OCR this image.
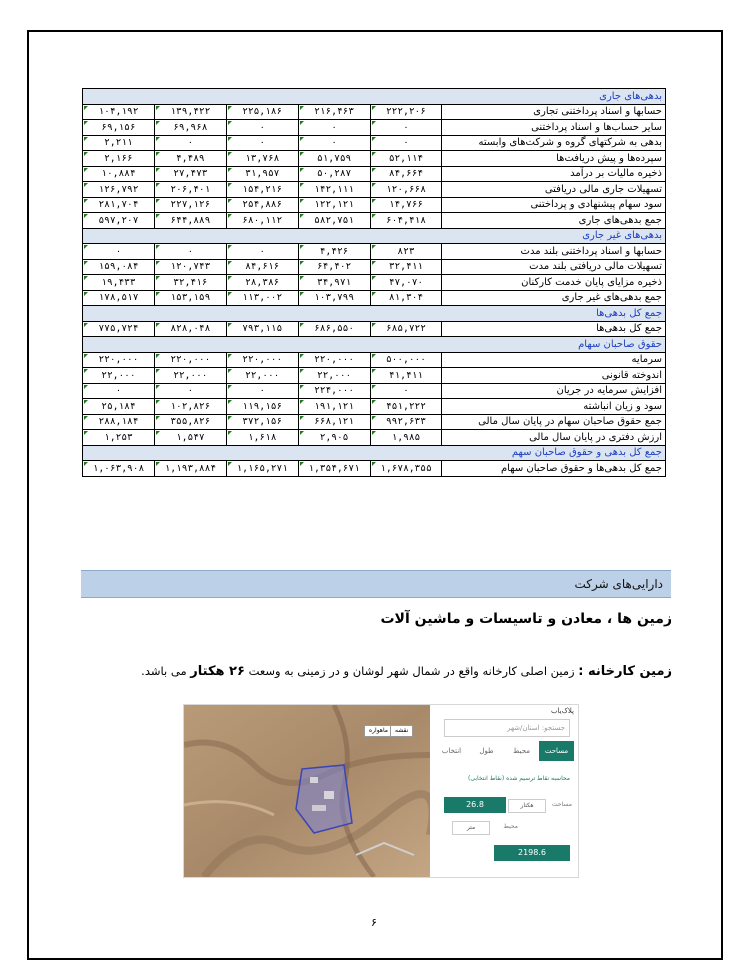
بدهی‌های جاری					
حسابها و اسناد پرداختنی تجاری	۲۲۲,۲۰۶	۲۱۶,۴۶۳	۲۲۵,۱۸۶	۱۳۹,۴۲۲	۱۰۴,۱۹۲
سایر حساب‌ها و اسناد پرداختنی	۰	۰	۰	۶۹,۹۶۸	۶۹,۱۵۶
بدهی به شرکتهای گروه و شرکت‌های وابسته	۰	۰	۰	۰	۲,۲۱۱
سپرده‌ها و پیش دریافت‌ها	۵۲,۱۱۴	۵۱,۷۵۹	۱۳,۷۶۸	۴,۴۸۹	۲,۱۶۶
ذخیره مالیات بر درآمد	۸۴,۶۶۴	۵۰,۲۸۷	۳۱,۹۵۷	۲۷,۴۷۳	۱۰,۸۸۴
تسهیلات جاری مالی دریافتی	۱۲۰,۶۶۸	۱۴۲,۱۱۱	۱۵۴,۲۱۶	۲۰۶,۴۰۱	۱۲۶,۷۹۲
سود سهام پیشنهادی و پرداختنی	۱۴,۷۶۶	۱۲۲,۱۲۱	۲۵۴,۸۸۶	۲۲۷,۱۲۶	۲۸۱,۷۰۴
جمع بدهی‌های جاری	۶۰۴,۴۱۸	۵۸۲,۷۵۱	۶۸۰,۱۱۲	۶۴۴,۸۸۹	۵۹۷,۲۰۷
بدهی‌های غیر جاری					
حسابها و اسناد پرداختنی بلند مدت	۸۲۳	۴,۴۲۶	۰	۰	۰
تسهیلات مالی دریافتی بلند مدت	۳۲,۴۱۱	۶۴,۴۰۲	۸۴,۶۱۶	۱۲۰,۷۴۳	۱۵۹,۰۸۴
ذخیره مزایای پایان خدمت کارکنان	۴۷,۰۷۰	۳۴,۹۷۱	۲۸,۳۸۶	۳۲,۴۱۶	۱۹,۴۳۳
جمع بدهی‌های غیر جاری	۸۱,۳۰۴	۱۰۳,۷۹۹	۱۱۳,۰۰۲	۱۵۳,۱۵۹	۱۷۸,۵۱۷
جمع کل بدهی‌ها					
جمع کل بدهی‌ها	۶۸۵,۷۲۲	۶۸۶,۵۵۰	۷۹۳,۱۱۵	۸۲۸,۰۴۸	۷۷۵,۷۲۴
حقوق صاحبان سهام					
سرمایه	۵۰۰,۰۰۰	۲۲۰,۰۰۰	۲۲۰,۰۰۰	۲۲۰,۰۰۰	۲۲۰,۰۰۰
اندوخته قانونی	۴۱,۴۱۱	۲۲,۰۰۰	۲۲,۰۰۰	۲۲,۰۰۰	۲۲,۰۰۰
افزایش سرمایه در جریان	۰	۲۲۴,۰۰۰	۰	۰	۰
سود و زیان انباشته	۴۵۱,۲۲۲	۱۹۱,۱۲۱	۱۱۹,۱۵۶	۱۰۲,۸۲۶	۲۵,۱۸۴
جمع حقوق صاحبان سهام در پایان سال مالی	۹۹۲,۶۳۳	۶۶۸,۱۲۱	۳۷۲,۱۵۶	۳۵۵,۸۲۶	۲۸۸,۱۸۴
ارزش دفتری در پایان سال مالی	۱,۹۸۵	۲,۹۰۵	۱,۶۱۸	۱,۵۴۷	۱,۲۵۳
جمع کل بدهی و حقوق صاحبان سهم					
جمع کل بدهی‌ها و حقوق صاحبان سهام	۱,۶۷۸,۳۵۵	۱,۳۵۴,۶۷۱	۱,۱۶۵,۲۷۱	۱,۱۹۳,۸۸۴	۱,۰۶۳,۹۰۸
دارایی‌های شرکت
زمین ها ، معادن و تاسیسات و ماشین آلات
زمین کارخانه : زمین اصلی کارخانه واقع در شمال شهر لوشان و در زمینی به وسعت ۲۶ هکتار می باشد.
ماهواره	نقشه
پلاک‌یاب
جستجو: استان/شهر
مساحت
محیط
طول
انتخاب
محاسبه نقاط ترسیم شده (نقاط انتخابی)
مساحت
هکتار
26.8
محیط
متر
2198.6
۶
